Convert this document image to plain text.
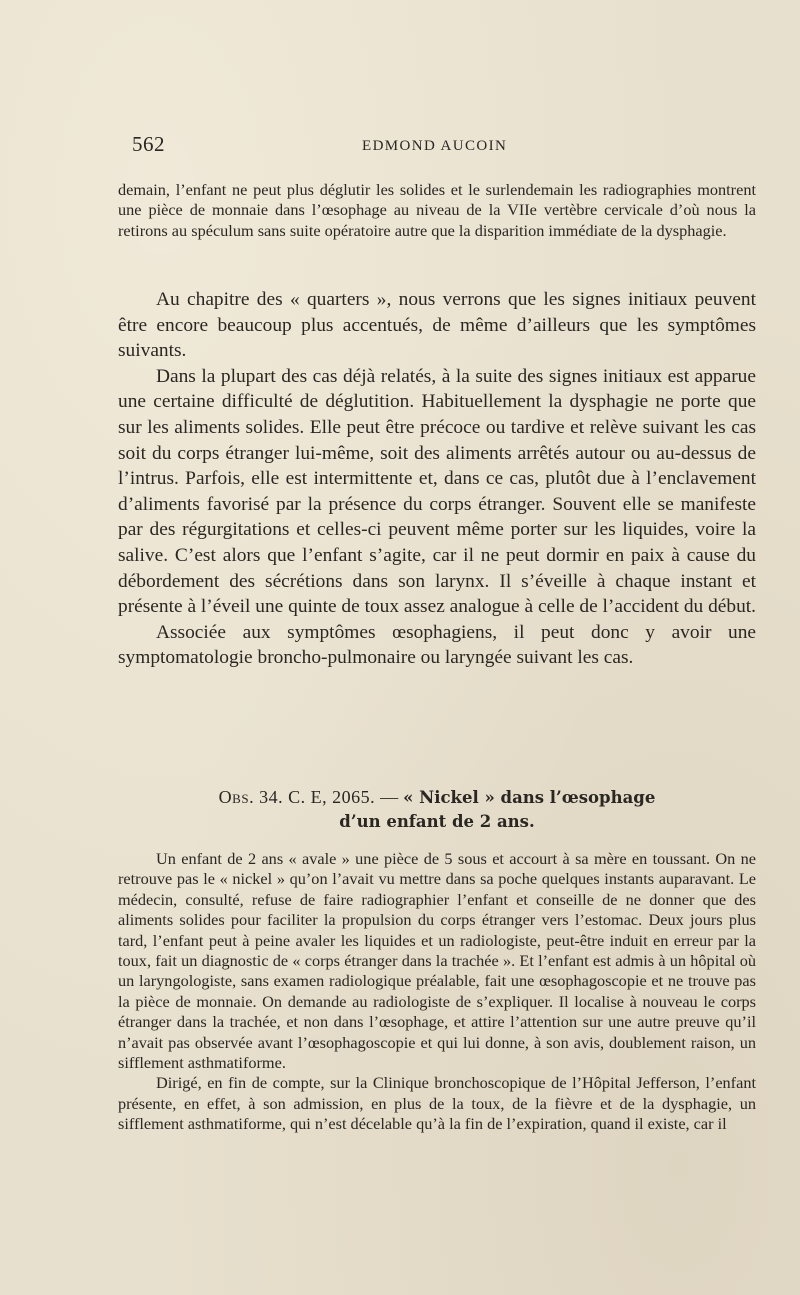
562	EDMOND AUCOIN

demain, l’enfant ne peut plus déglutir les solides et le surlendemain les radiographies montrent une pièce de monnaie dans l’œsophage au niveau de la VIIe vertèbre cervicale d’où nous la retirons au spéculum sans suite opératoire autre que la disparition immédiate de la dysphagie.

Au chapitre des « quarters », nous verrons que les signes initiaux peuvent être encore beaucoup plus accentués, de même d’ailleurs que les symptômes suivants.

Dans la plupart des cas déjà relatés, à la suite des signes initiaux est apparue une certaine difficulté de déglutition. Habituellement la dysphagie ne porte que sur les aliments solides. Elle peut être précoce ou tardive et relève suivant les cas soit du corps étranger lui-même, soit des aliments arrêtés autour ou au-dessus de l’intrus. Parfois, elle est intermittente et, dans ce cas, plutôt due à l’enclavement d’aliments favorisé par la présence du corps étranger. Souvent elle se manifeste par des régurgitations et celles-ci peuvent même porter sur les liquides, voire la salive. C’est alors que l’enfant s’agite, car il ne peut dormir en paix à cause du débordement des sécrétions dans son larynx. Il s’éveille à chaque instant et présente à l’éveil une quinte de toux assez analogue à celle de l’accident du début.

Associée aux symptômes œsophagiens, il peut donc y avoir une symptomatologie broncho-pulmonaire ou laryngée suivant les cas.

Obs. 34. C. E, 2065. — « Nickel » dans l’œsophage
d’un enfant de 2 ans.

Un enfant de 2 ans « avale » une pièce de 5 sous et accourt à sa mère en toussant. On ne retrouve pas le « nickel » qu’on l’avait vu mettre dans sa poche quelques instants auparavant. Le médecin, consulté, refuse de faire radiographier l’enfant et conseille de ne donner que des aliments solides pour faciliter la propulsion du corps étranger vers l’estomac. Deux jours plus tard, l’enfant peut à peine avaler les liquides et un radiologiste, peut-être induit en erreur par la toux, fait un diagnostic de « corps étranger dans la trachée ». Et l’enfant est admis à un hôpital où un laryngologiste, sans examen radiologique préalable, fait une œsophagoscopie et ne trouve pas la pièce de monnaie. On demande au radiologiste de s’expliquer. Il localise à nouveau le corps étranger dans la trachée, et non dans l’œsophage, et attire l’attention sur une autre preuve qu’il n’avait pas observée avant l’œsophagoscopie et qui lui donne, à son avis, doublement raison, un sifflement asthmatiforme.

Dirigé, en fin de compte, sur la Clinique bronchoscopique de l’Hôpital Jefferson, l’enfant présente, en effet, à son admission, en plus de la toux, de la fièvre et de la dysphagie, un sifflement asthmatiforme, qui n’est décelable qu’à la fin de l’expiration, quand il existe, car il
